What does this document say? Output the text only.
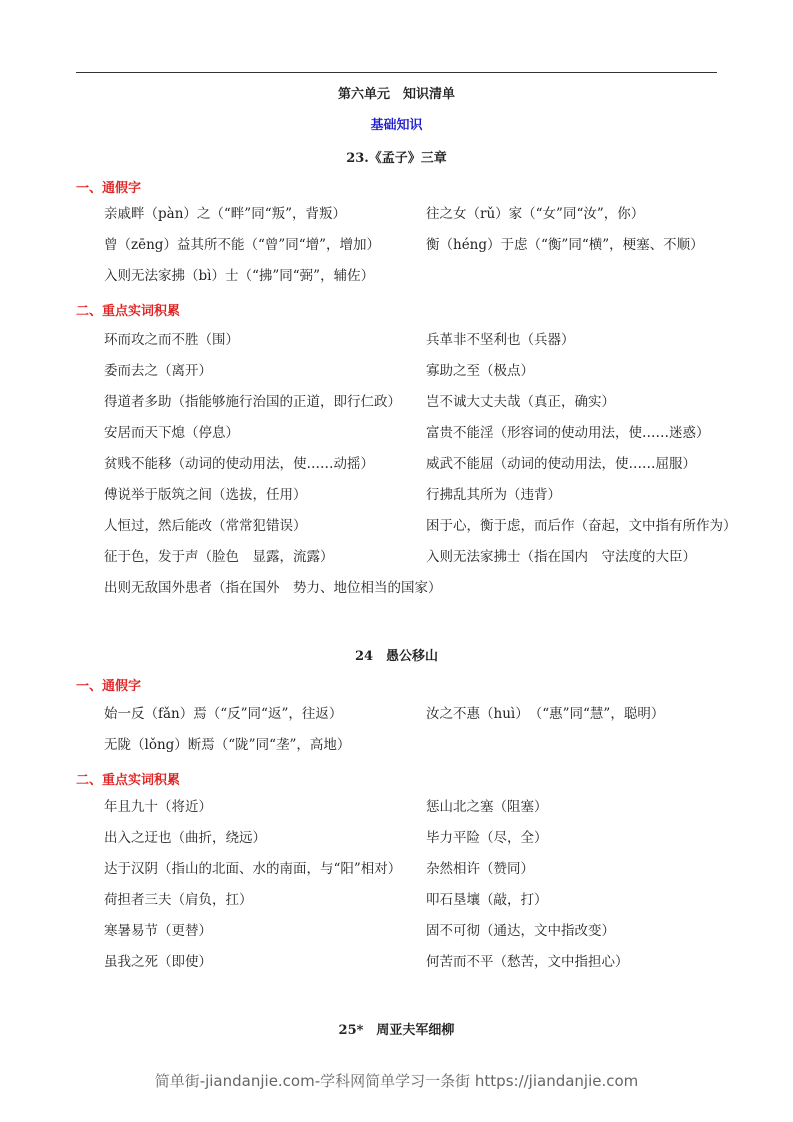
第六单元　知识清单
基础知识
23.《孟子》三章
一、通假字
亲戚畔（pàn）之（“畔”同“叛”，背叛）	往之女（rǔ）家（“女”同“汝”，你）
曾（zēng）益其所不能（“曾”同“增”，增加）	衡（héng）于虑（“衡”同“横”，梗塞、不顺）
入则无法家拂（bì）士（“拂”同“弼”，辅佐）
二、重点实词积累
环而攻之而不胜（围）	兵革非不坚利也（兵器）
委而去之（离开）	寡助之至（极点）
得道者多助（指能够施行治国的正道，即行仁政）	岂不诚大丈夫哉（真正，确实）
安居而天下熄（停息）	富贵不能淫（形容词的使动用法，使……迷惑）
贫贱不能移（动词的使动用法，使……动摇）	威武不能屈（动词的使动用法，使……屈服）
傅说举于版筑之间（选拔，任用）	行拂乱其所为（违背）
人恒过，然后能改（常常犯错误）	困于心，衡于虑，而后作（奋起，文中指有所作为）
征于色，发于声（脸色　显露，流露）	入则无法家拂士（指在国内　守法度的大臣）
出则无敌国外患者（指在国外　势力、地位相当的国家）
24　愚公移山
一、通假字
始一反（fǎn）焉（“反”同“返”，往返）	汝之不惠（huì）　（“惠”同“慧”，聪明）
无陇（lǒng）断焉（“陇”同“垄”，高地）
二、重点实词积累
年且九十（将近）	惩山北之塞（阻塞）
出入之迂也（曲折，绕远）	毕力平险（尽，全）
达于汉阴（指山的北面、水的南面，与“阳”相对）	杂然相许（赞同）
荷担者三夫（肩负，扛）	叩石垦壤（敲，打）
寒暑易节（更替）	固不可彻（通达，文中指改变）
虽我之死（即使）	何苦而不平（愁苦，文中指担心）
25*　周亚夫军细柳
简单街-jiandanjie.com-学科网简单学习一条街 https://jiandanjie.com
